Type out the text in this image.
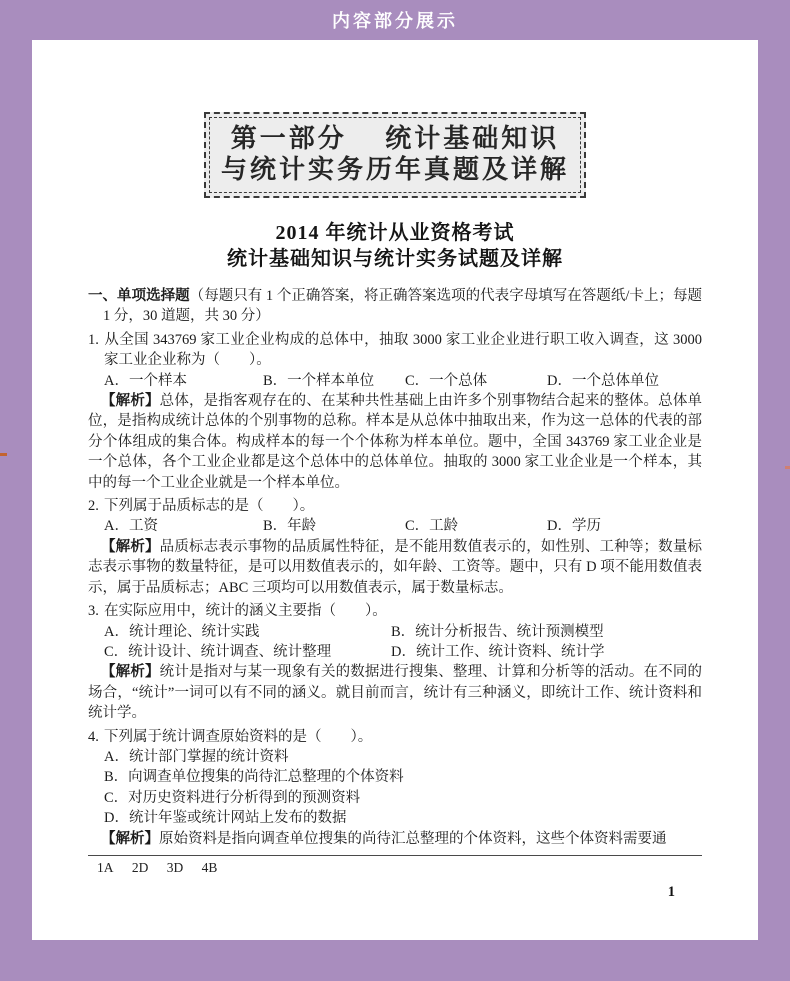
内容部分展示
第一部分　 统计基础知识
与统计实务历年真题及详解

2014 年统计从业资格考试

统计基础知识与统计实务试题及详解

一、单项选择题（每题只有 1 个正确答案，将正确答案选项的代表字母填写在答题纸/卡上；每题 1 分，30 道题，共 30 分）

1. 从全国 343769 家工业企业构成的总体中，抽取 3000 家工业企业进行职工收入调查，这 3000 家工业企业称为（　　）。

A．一个样本	B．一个样本单位	C．一个总体	D．一个总体单位

【解析】总体，是指客观存在的、在某种共性基础上由许多个别事物结合起来的整体。总体单位，是指构成统计总体的个别事物的总称。样本是从总体中抽取出来，作为这一总体的代表的部分个体组成的集合体。构成样本的每一个个体称为样本单位。题中，全国 343769 家工业企业是一个总体，各个工业企业都是这个总体中的总体单位。抽取的 3000 家工业企业是一个样本，其中的每一个工业企业就是一个样本单位。

2. 下列属于品质标志的是（　　）。

A．工资	B．年龄	C．工龄	D．学历

【解析】品质标志表示事物的品质属性特征，是不能用数值表示的，如性别、工种等；数量标志表示事物的数量特征，是可以用数值表示的，如年龄、工资等。题中，只有 D 项不能用数值表示，属于品质标志；ABC 三项均可以用数值表示，属于数量标志。

3. 在实际应用中，统计的涵义主要指（　　）。

A．统计理论、统计实践	B．统计分析报告、统计预测模型
C．统计设计、统计调查、统计整理	D．统计工作、统计资料、统计学

【解析】统计是指对与某一现象有关的数据进行搜集、整理、计算和分析等的活动。在不同的场合，“统计”一词可以有不同的涵义。就目前而言，统计有三种涵义，即统计工作、统计资料和统计学。

4. 下列属于统计调查原始资料的是（　　）。

A．统计部门掌握的统计资料

B．向调查单位搜集的尚待汇总整理的个体资料

C．对历史资料进行分析得到的预测资料

D．统计年鉴或统计网站上发布的数据

【解析】原始资料是指向调查单位搜集的尚待汇总整理的个体资料，这些个体资料需要通

1A 2D 3D 4B

1
